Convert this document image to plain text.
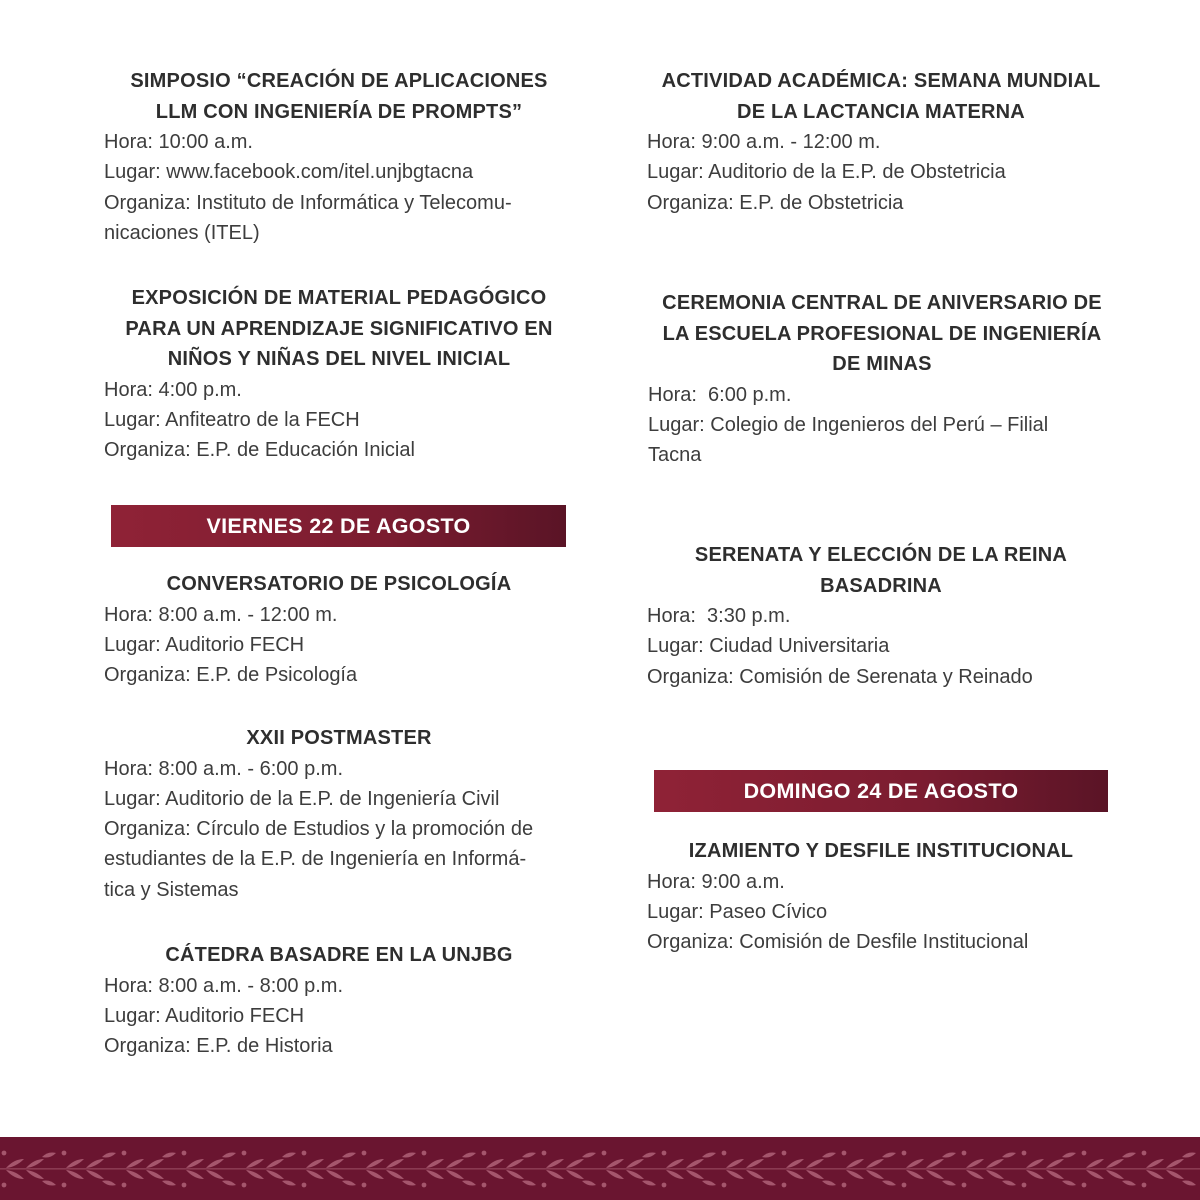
SIMPOSIO “CREACIÓN DE APLICACIONES
LLM CON INGENIERÍA DE PROMPTS”
Hora: 10:00 a.m.
Lugar: www.facebook.com/itel.unjbgtacna
Organiza: Instituto de Informática y Telecomu-
nicaciones (ITEL)
EXPOSICIÓN DE MATERIAL PEDAGÓGICO
PARA UN APRENDIZAJE SIGNIFICATIVO EN
NIÑOS Y NIÑAS DEL NIVEL INICIAL
Hora: 4:00 p.m.
Lugar: Anfiteatro de la FECH
Organiza: E.P. de Educación Inicial
VIERNES 22 DE AGOSTO
CONVERSATORIO DE PSICOLOGÍA
Hora: 8:00 a.m. - 12:00 m.
Lugar: Auditorio FECH
Organiza: E.P. de Psicología
XXII POSTMASTER
Hora: 8:00 a.m. - 6:00 p.m.
Lugar: Auditorio de la E.P. de Ingeniería Civil
Organiza: Círculo de Estudios y la promoción de
estudiantes de la E.P. de Ingeniería en Informá-
tica y Sistemas
CÁTEDRA BASADRE EN LA UNJBG
Hora: 8:00 a.m. - 8:00 p.m.
Lugar: Auditorio FECH
Organiza: E.P. de Historia
ACTIVIDAD ACADÉMICA: SEMANA MUNDIAL
DE LA LACTANCIA MATERNA
Hora: 9:00 a.m. - 12:00 m.
Lugar: Auditorio de la E.P. de Obstetricia
Organiza: E.P. de Obstetricia
CEREMONIA CENTRAL DE ANIVERSARIO DE
LA ESCUELA PROFESIONAL DE INGENIERÍA
DE MINAS
Hora:  6:00 p.m.
Lugar: Colegio de Ingenieros del Perú – Filial
Tacna
SERENATA Y ELECCIÓN DE LA REINA
BASADRINA
Hora:  3:30 p.m.
Lugar: Ciudad Universitaria
Organiza: Comisión de Serenata y Reinado
DOMINGO 24 DE AGOSTO
IZAMIENTO Y DESFILE INSTITUCIONAL
Hora: 9:00 a.m.
Lugar: Paseo Cívico
Organiza: Comisión de Desfile Institucional
